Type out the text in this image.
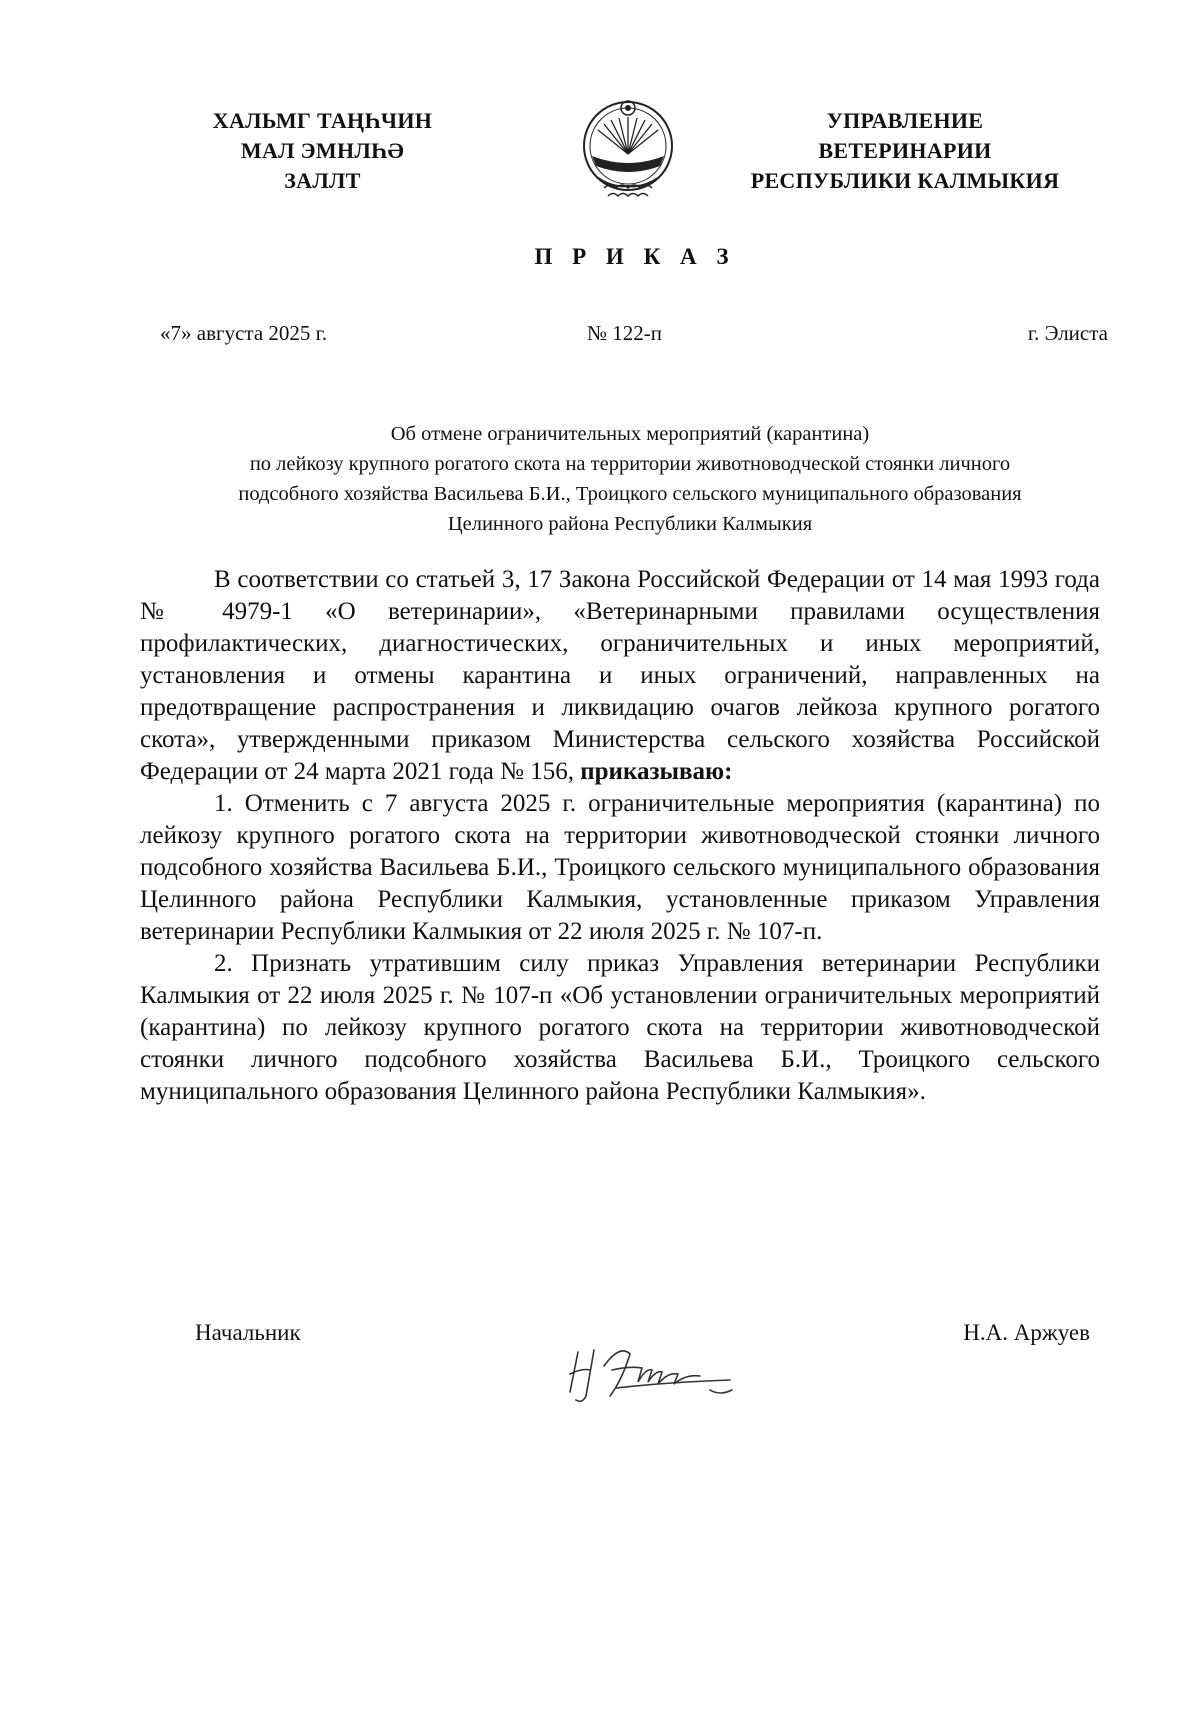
ХАЛЬМГ ТАҢҺЧИН
МАЛ ЭМНЛҺӘ
ЗАЛЛТ
УПРАВЛЕНИЕ
ВЕТЕРИНАРИИ
РЕСПУБЛИКИ КАЛМЫКИЯ
П Р И К А З
«7» августа 2025 г.	№ 122-п	г. Элиста
Об отмене ограничительных мероприятий (карантина)
по лейкозу крупного рогатого скота на территории животноводческой стоянки личного
подсобного хозяйства Васильева Б.И., Троицкого сельского муниципального образования
Целинного района Республики Калмыкия

В соответствии со статьей 3, 17 Закона Российской Федерации от 14 мая 1993 года № 4979-1 «О ветеринарии», «Ветеринарными правилами осуществления профилактических, диагностических, ограничительных и иных мероприятий, установления и отмены карантина и иных ограничений, направленных на предотвращение распространения и ликвидацию очагов лейкоза крупного рогатого скота», утвержденными приказом Министерства сельского хозяйства Российской Федерации от 24 марта 2021 года № 156, приказываю:

1. Отменить с 7 августа 2025 г. ограничительные мероприятия (карантина) по лейкозу крупного рогатого скота на территории животноводческой стоянки личного подсобного хозяйства Васильева Б.И., Троицкого сельского муниципального образования Целинного района Республики Калмыкия, установленные приказом Управления ветеринарии Республики Калмыкия от 22 июля 2025 г. № 107-п.

2. Признать утратившим силу приказ Управления ветеринарии Республики Калмыкия от 22 июля 2025 г. № 107-п «Об установлении ограничительных мероприятий (карантина) по лейкозу крупного рогатого скота на территории животноводческой стоянки личного подсобного хозяйства Васильева Б.И., Троицкого сельского муниципального образования Целинного района Республики Калмыкия».

Начальник	Н.А. Аржуев
